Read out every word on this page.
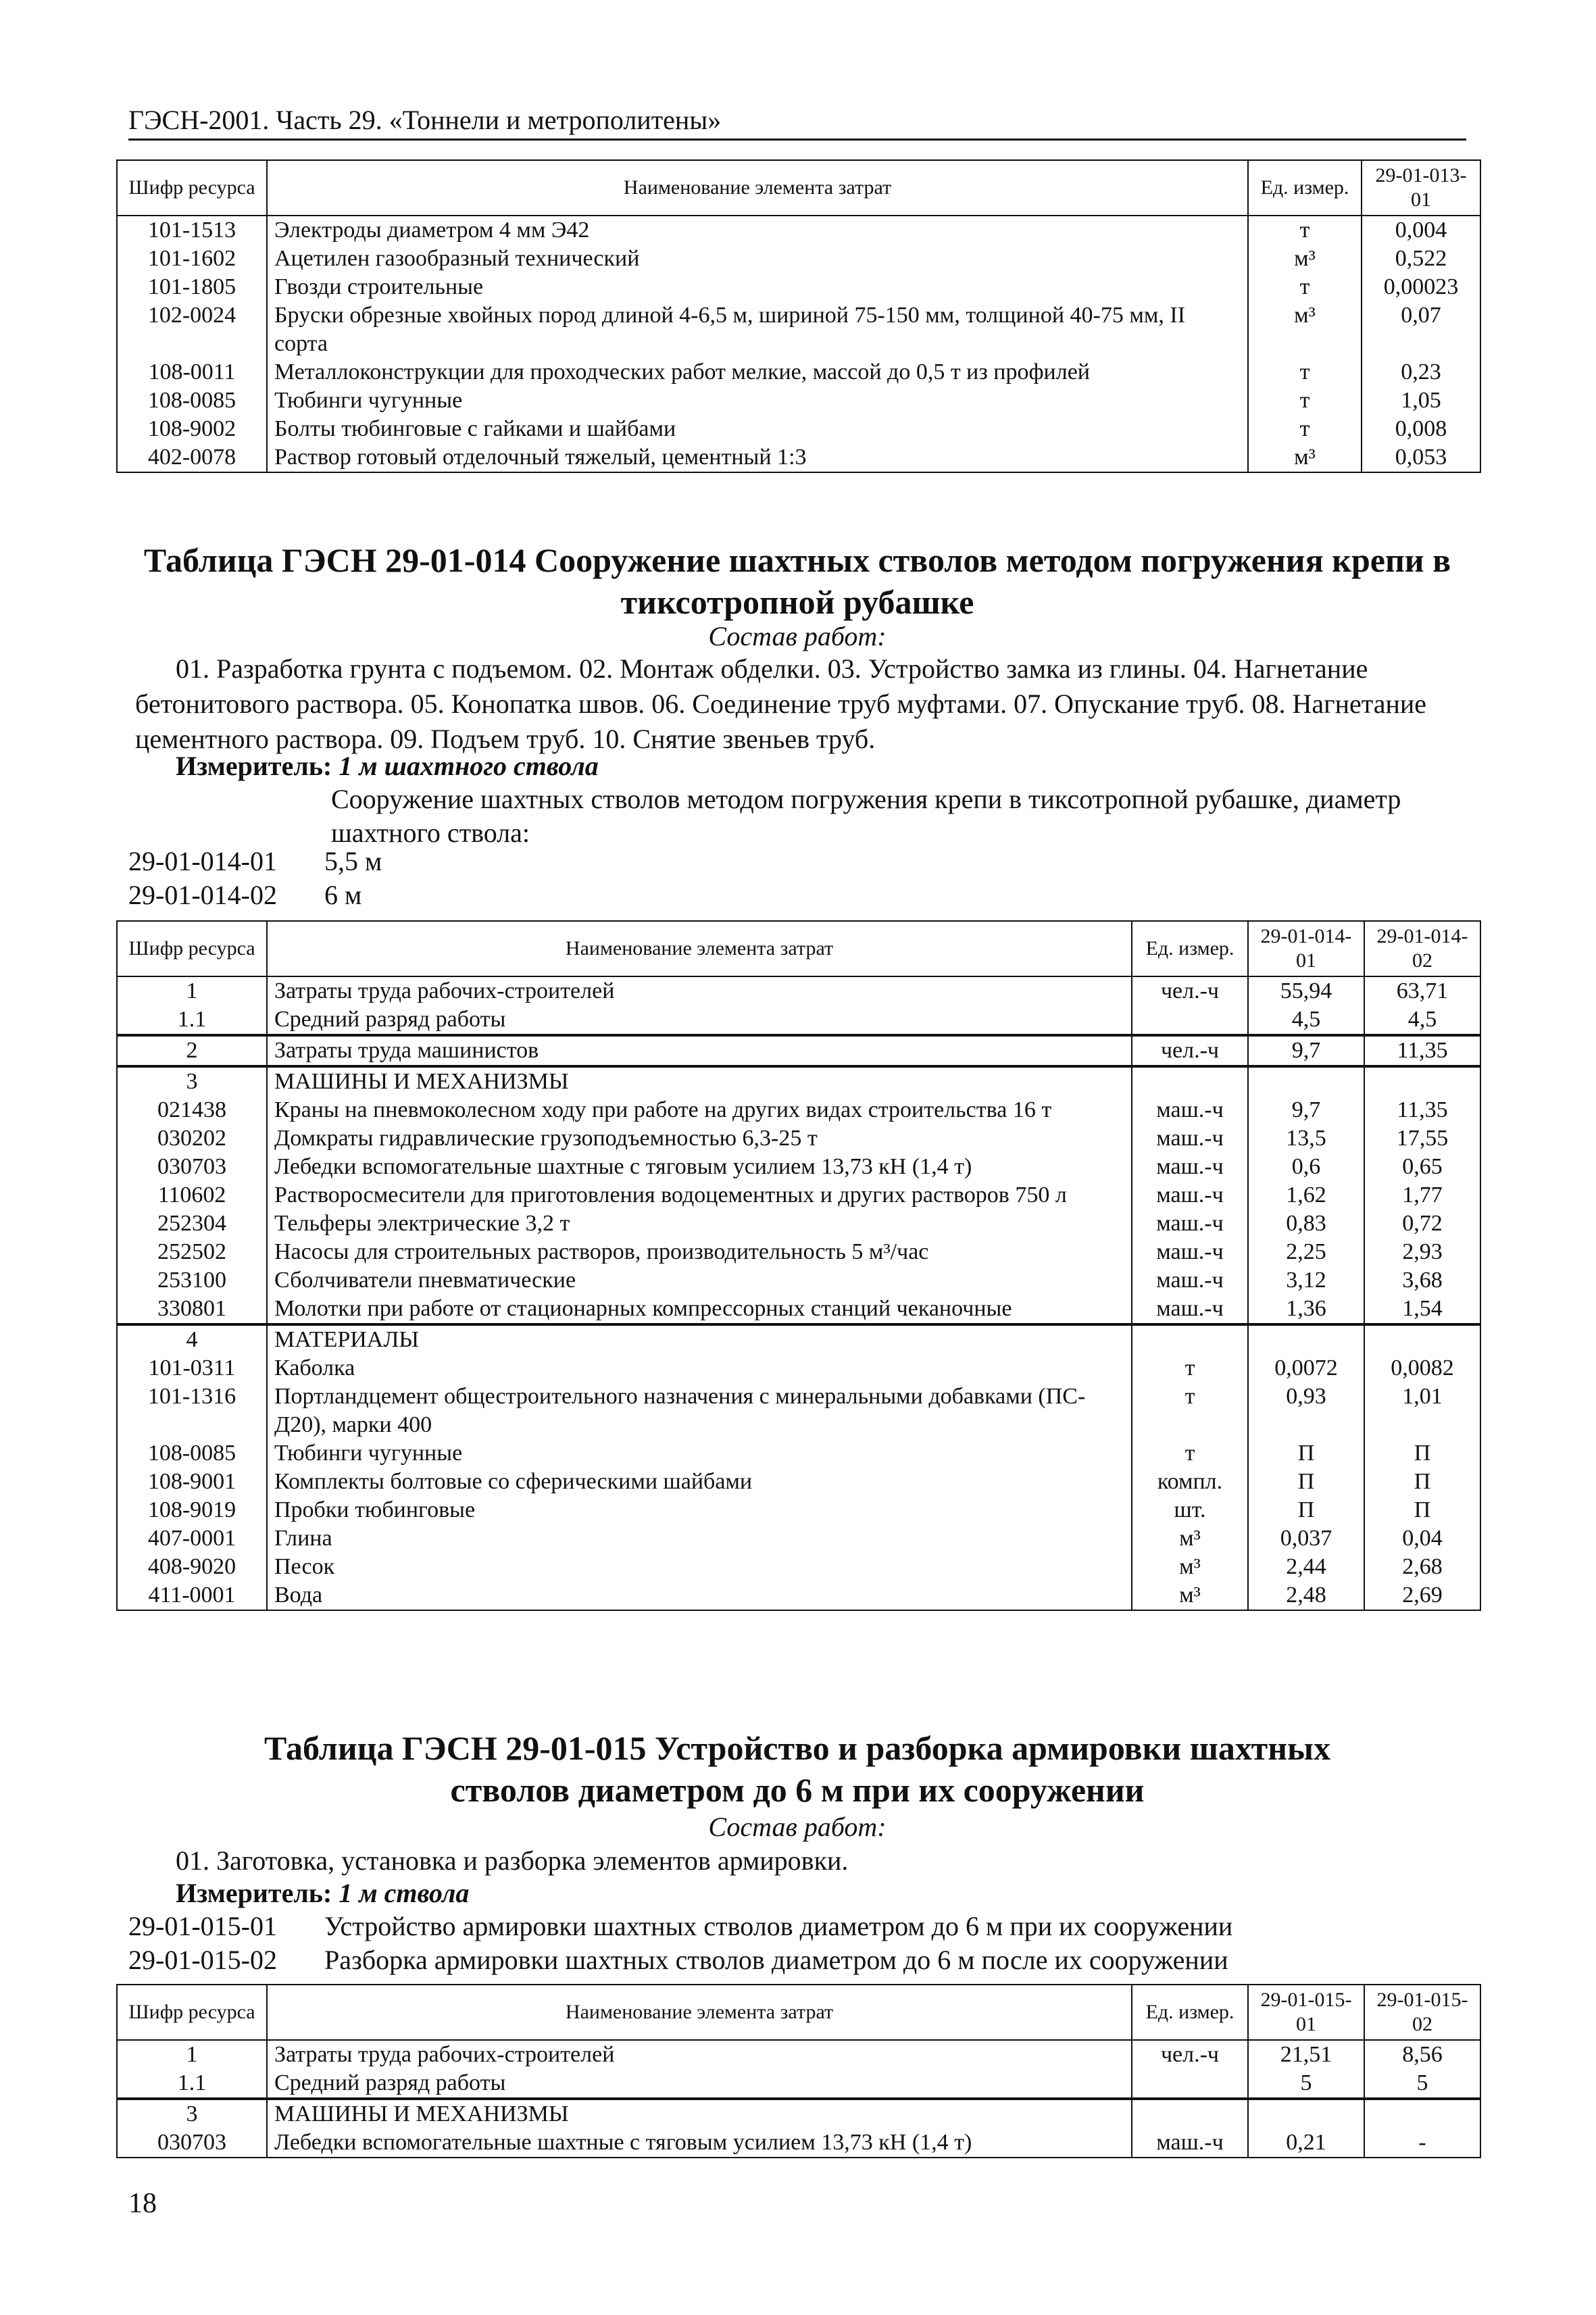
ГЭСН-2001. Часть 29. «Тоннели и метрополитены»
Шифр ресурса	Наименование элемента затрат	Ед. измер.	29-01-013-01
101-1513	Электроды диаметром 4 мм Э42	т	0,004
101-1602	Ацетилен газообразный технический	м³	0,522
101-1805	Гвозди строительные	т	0,00023
102-0024	Бруски обрезные хвойных пород длиной 4-6,5 м, шириной 75-150 мм, толщиной 40-75 мм, II сорта	м³	0,07
108-0011	Металлоконструкции для проходческих работ мелкие, массой до 0,5 т из профилей	т	0,23
108-0085	Тюбинги чугунные	т	1,05
108-9002	Болты тюбинговые с гайками и шайбами	т	0,008
402-0078	Раствор готовый отделочный тяжелый, цементный 1:3	м³	0,053
Таблица ГЭСН 29-01-014 Сооружение шахтных стволов методом погружения крепи в тиксотропной рубашке
Состав работ:
01. Разработка грунта с подъемом. 02. Монтаж обделки. 03. Устройство замка из глины. 04. Нагнетание бетонитового раствора. 05. Конопатка швов. 06. Соединение труб муфтами. 07. Опускание труб. 08. Нагнетание цементного раствора. 09. Подъем труб. 10. Снятие звеньев труб.
Измеритель: 1 м шахтного ствола
Сооружение шахтных стволов методом погружения крепи в тиксотропной рубашке, диаметр шахтного ствола:
29-01-014-01 5,5 м
29-01-014-02 6 м
Шифр ресурса	Наименование элемента затрат	Ед. измер.	29-01-014-01	29-01-014-02
1	Затраты труда рабочих-строителей	чел.-ч	55,94	63,71
1.1	Средний разряд работы		4,5	4,5
2	Затраты труда машинистов	чел.-ч	9,7	11,35
3	МАШИНЫ И МЕХАНИЗМЫ			
021438	Краны на пневмоколесном ходу при работе на других видах строительства 16 т	маш.-ч	9,7	11,35
030202	Домкраты гидравлические грузоподъемностью 6,3-25 т	маш.-ч	13,5	17,55
030703	Лебедки вспомогательные шахтные с тяговым усилием 13,73 кН (1,4 т)	маш.-ч	0,6	0,65
110602	Растворосмесители для приготовления водоцементных и других растворов 750 л	маш.-ч	1,62	1,77
252304	Тельферы электрические 3,2 т	маш.-ч	0,83	0,72
252502	Насосы для строительных растворов, производительность 5 м³/час	маш.-ч	2,25	2,93
253100	Сболчиватели пневматические	маш.-ч	3,12	3,68
330801	Молотки при работе от стационарных компрессорных станций чеканочные	маш.-ч	1,36	1,54
4	МАТЕРИАЛЫ			
101-0311	Каболка	т	0,0072	0,0082
101-1316	Портландцемент общестроительного назначения с минеральными добавками (ПС-Д20), марки 400	т	0,93	1,01
108-0085	Тюбинги чугунные	т	П	П
108-9001	Комплекты болтовые со сферическими шайбами	компл.	П	П
108-9019	Пробки тюбинговые	шт.	П	П
407-0001	Глина	м³	0,037	0,04
408-9020	Песок	м³	2,44	2,68
411-0001	Вода	м³	2,48	2,69
Таблица ГЭСН 29-01-015 Устройство и разборка армировки шахтных стволов диаметром до 6 м при их сооружении
Состав работ:
01. Заготовка, установка и разборка элементов армировки.
Измеритель: 1 м ствола
29-01-015-01 Устройство армировки шахтных стволов диаметром до 6 м при их сооружении
29-01-015-02 Разборка армировки шахтных стволов диаметром до 6 м после их сооружении
Шифр ресурса	Наименование элемента затрат	Ед. измер.	29-01-015-01	29-01-015-02
1	Затраты труда рабочих-строителей	чел.-ч	21,51	8,56
1.1	Средний разряд работы		5	5
3	МАШИНЫ И МЕХАНИЗМЫ			
030703	Лебедки вспомогательные шахтные с тяговым усилием 13,73 кН (1,4 т)	маш.-ч	0,21	-
18
